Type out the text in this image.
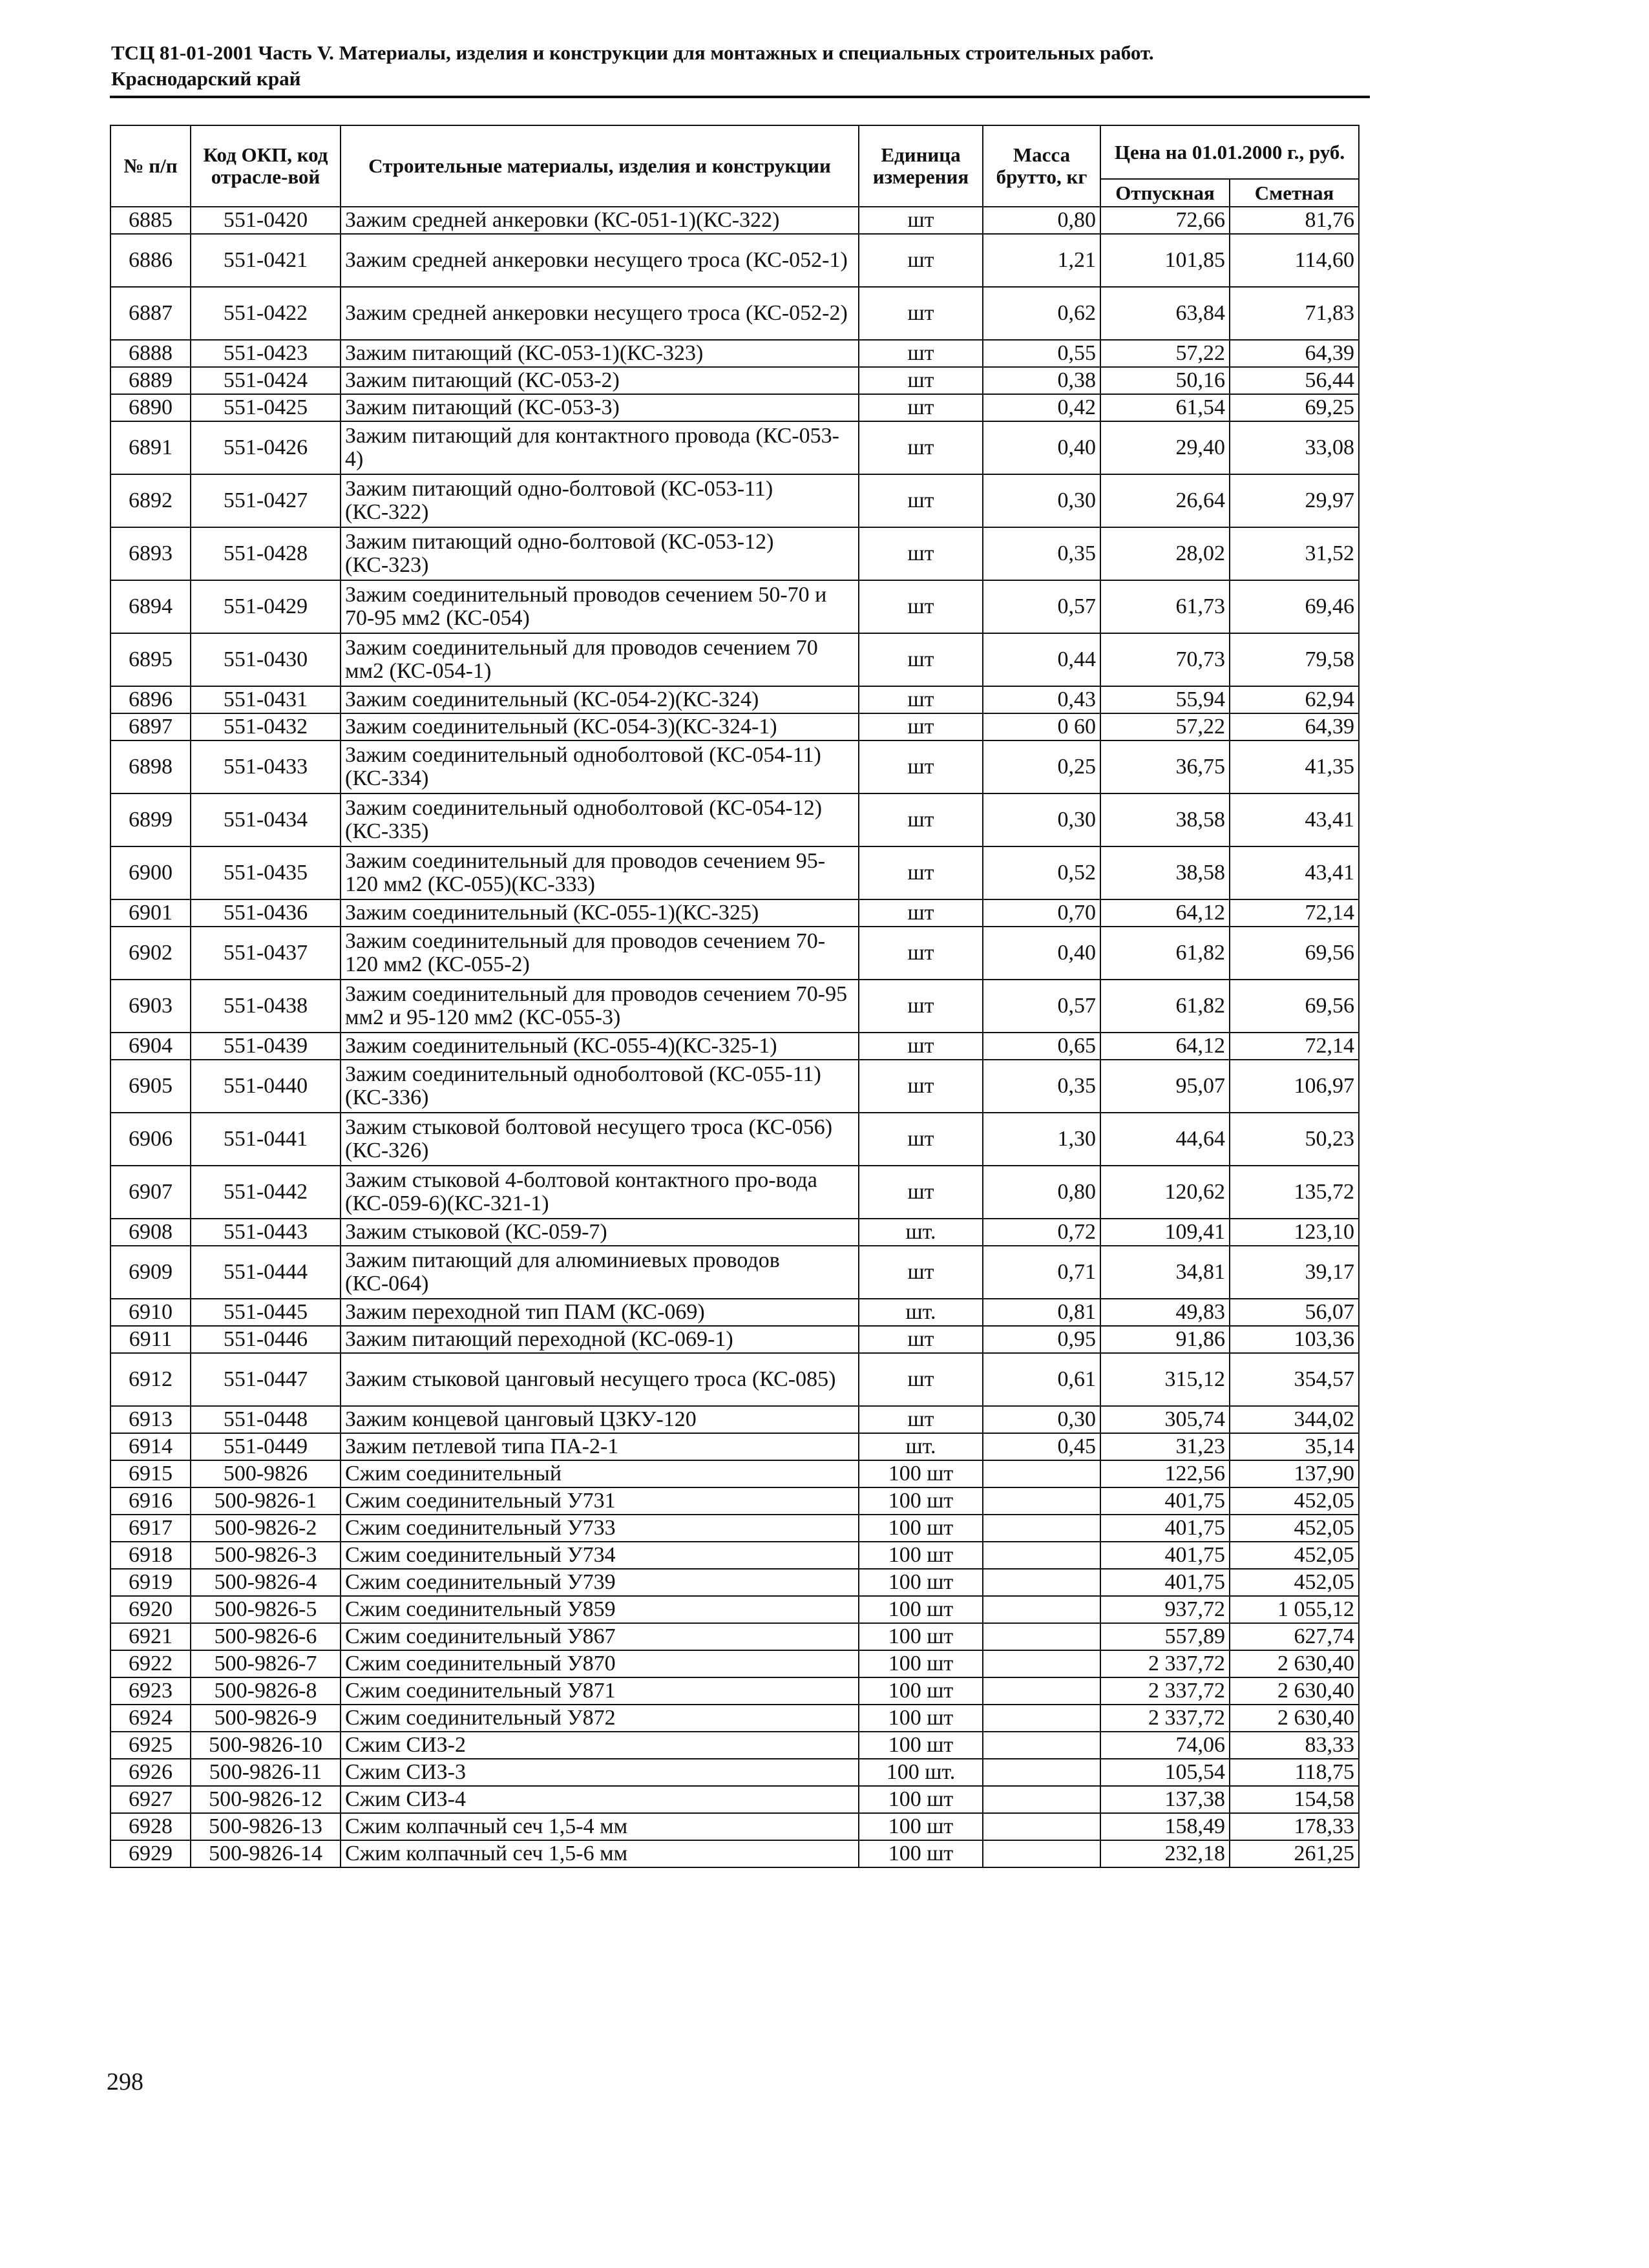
ТСЦ 81-01-2001 Часть V. Материалы, изделия и конструкции для монтажных и специальных строительных работ.
Краснодарский край
№ п/п	Код ОКП, код отрасле-вой	Строительные материалы, изделия и конструкции	Единица измерения	Масса брутто, кг	Цена на 01.01.2000 г., руб.	
					Отпускная	Сметная
6885	551-0420	Зажим средней анкеровки (КС-051-1)(КС-322)	шт	0,80	72,66	81,76
6886	551-0421	Зажим средней анкеровки несущего троса (КС-052-1)	шт	1,21	101,85	114,60
6887	551-0422	Зажим средней анкеровки несущего троса (КС-052-2)	шт	0,62	63,84	71,83
6888	551-0423	Зажим питающий (КС-053-1)(КС-323)	шт	0,55	57,22	64,39
6889	551-0424	Зажим питающий (КС-053-2)	шт	0,38	50,16	56,44
6890	551-0425	Зажим питающий (КС-053-3)	шт	0,42	61,54	69,25
6891	551-0426	Зажим питающий для контактного провода (КС-053-4)	шт	0,40	29,40	33,08
6892	551-0427	Зажим питающий одно-болтовой (КС-053-11)(КС-322)	шт	0,30	26,64	29,97
6893	551-0428	Зажим питающий одно-болтовой (КС-053-12)(КС-323)	шт	0,35	28,02	31,52
6894	551-0429	Зажим соединительный проводов сечением 50-70 и 70-95 мм2 (КС-054)	шт	0,57	61,73	69,46
6895	551-0430	Зажим соединительный для проводов сечением 70 мм2 (КС-054-1)	шт	0,44	70,73	79,58
6896	551-0431	Зажим соединительный (КС-054-2)(КС-324)	шт	0,43	55,94	62,94
6897	551-0432	Зажим соединительный (КС-054-3)(КС-324-1)	шт	0 60	57,22	64,39
6898	551-0433	Зажим соединительный одноболтовой (КС-054-11)(КС-334)	шт	0,25	36,75	41,35
6899	551-0434	Зажим соединительный одноболтовой (КС-054-12)(КС-335)	шт	0,30	38,58	43,41
6900	551-0435	Зажим соединительный для проводов сечением 95-120 мм2 (КС-055)(КС-333)	шт	0,52	38,58	43,41
6901	551-0436	Зажим соединительный (КС-055-1)(КС-325)	шт	0,70	64,12	72,14
6902	551-0437	Зажим соединительный для проводов сечением 70-120 мм2 (КС-055-2)	шт	0,40	61,82	69,56
6903	551-0438	Зажим соединительный для проводов сечением 70-95 мм2 и 95-120 мм2 (КС-055-3)	шт	0,57	61,82	69,56
6904	551-0439	Зажим соединительный (КС-055-4)(КС-325-1)	шт	0,65	64,12	72,14
6905	551-0440	Зажим соединительный одноболтовой (КС-055-11)(КС-336)	шт	0,35	95,07	106,97
6906	551-0441	Зажим стыковой болтовой несущего троса (КС-056)(КС-326)	шт	1,30	44,64	50,23
6907	551-0442	Зажим стыковой 4-болтовой контактного про-вода (КС-059-6)(КС-321-1)	шт	0,80	120,62	135,72
6908	551-0443	Зажим стыковой (КС-059-7)	шт.	0,72	109,41	123,10
6909	551-0444	Зажим питающий для алюминиевых проводов (КС-064)	шт	0,71	34,81	39,17
6910	551-0445	Зажим переходной тип ПАМ (КС-069)	шт.	0,81	49,83	56,07
6911	551-0446	Зажим питающий переходной (КС-069-1)	шт	0,95	91,86	103,36
6912	551-0447	Зажим стыковой цанговый несущего троса (КС-085)	шт	0,61	315,12	354,57
6913	551-0448	Зажим концевой цанговый ЦЗКУ-120	шт	0,30	305,74	344,02
6914	551-0449	Зажим петлевой типа ПА-2-1	шт.	0,45	31,23	35,14
6915	500-9826	Сжим соединительный	100 шт		122,56	137,90
6916	500-9826-1	Сжим соединительный У731	100 шт		401,75	452,05
6917	500-9826-2	Сжим соединительный У733	100 шт		401,75	452,05
6918	500-9826-3	Сжим соединительный У734	100 шт		401,75	452,05
6919	500-9826-4	Сжим соединительный У739	100 шт		401,75	452,05
6920	500-9826-5	Сжим соединительный У859	100 шт		937,72	1 055,12
6921	500-9826-6	Сжим соединительный У867	100 шт		557,89	627,74
6922	500-9826-7	Сжим соединительный У870	100 шт		2 337,72	2 630,40
6923	500-9826-8	Сжим соединительный У871	100 шт		2 337,72	2 630,40
6924	500-9826-9	Сжим соединительный У872	100 шт		2 337,72	2 630,40
6925	500-9826-10	Сжим СИЗ-2	100 шт		74,06	83,33
6926	500-9826-11	Сжим СИЗ-3	100 шт.		105,54	118,75
6927	500-9826-12	Сжим СИЗ-4	100 шт		137,38	154,58
6928	500-9826-13	Сжим колпачный сеч 1,5-4 мм	100 шт		158,49	178,33
6929	500-9826-14	Сжим колпачный сеч 1,5-6 мм	100 шт		232,18	261,25
298
